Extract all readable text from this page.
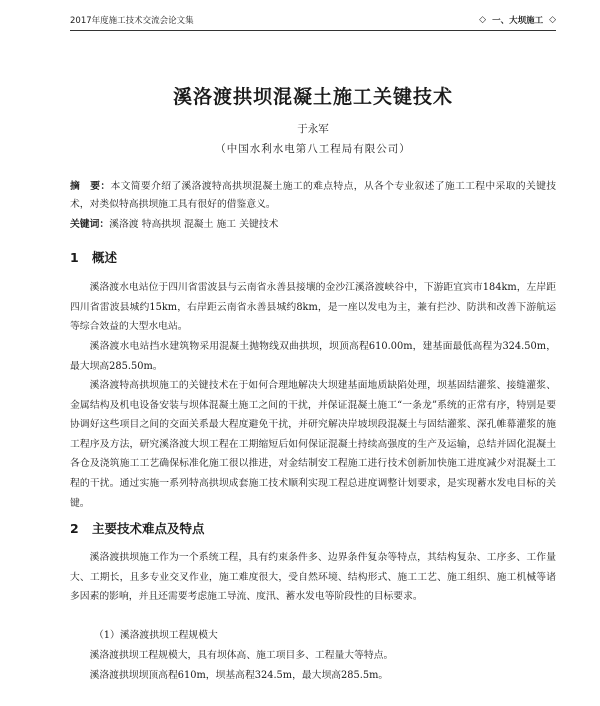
2017年度施工技术交流会论文集	◇ 一、大坝施工 ◇
溪洛渡拱坝混凝土施工关键技术
于永军
（中国水利水电第八工程局有限公司）
摘　要：本文简要介绍了溪洛渡特高拱坝混凝土施工的难点特点，从各个专业叙述了施工工程中采取的关键技术，对类似特高拱坝施工具有很好的借鉴意义。
关键词：溪洛渡 特高拱坝 混凝土 施工 关键技术
1 概述
溪洛渡水电站位于四川省雷波县与云南省永善县接壤的金沙江溪洛渡峡谷中，下游距宜宾市184km，左岸距四川省雷波县城约15km，右岸距云南省永善县城约8km，是一座以发电为主，兼有拦沙、防洪和改善下游航运等综合效益的大型水电站。
溪洛渡水电站挡水建筑物采用混凝土抛物线双曲拱坝，坝顶高程610.00m，建基面最低高程为324.50m，最大坝高285.50m。
溪洛渡特高拱坝施工的关键技术在于如何合理地解决大坝建基面地质缺陷处理，坝基固结灌浆、接缝灌浆、金属结构及机电设备安装与坝体混凝土施工之间的干扰，并保证混凝土施工“一条龙”系统的正常有序，特别是要协调好这些项目之间的交面关系最大程度避免干扰，并研究解决岸坡坝段混凝土与固结灌浆、深孔帷幕灌浆的施工程序及方法，研究溪洛渡大坝工程在工期缩短后如何保证混凝土持续高强度的生产及运输，总结并固化混凝土各仓及浇筑施工工艺确保标准化施工很以推进，对金结制安工程施工进行技术创新加快施工进度减少对混凝土工程的干扰。通过实施一系列特高拱坝成套施工技术顺利实现工程总进度调整计划要求，是实现蓄水发电目标的关键。
2 主要技术难点及特点
溪洛渡拱坝施工作为一个系统工程，具有约束条件多、边界条件复杂等特点，其结构复杂、工序多、工作量大、工期长，且多专业交叉作业，施工难度很大，受自然环境、结构形式、施工工艺、施工组织、施工机械等诸多因素的影响，并且还需要考虑施工导流、度汛、蓄水发电等阶段性的目标要求。
（1）溪洛渡拱坝工程规模大
溪洛渡拱坝工程规模大，具有坝体高、施工项目多、工程量大等特点。
溪洛渡拱坝坝顶高程610m，坝基高程324.5m，最大坝高285.5m。
